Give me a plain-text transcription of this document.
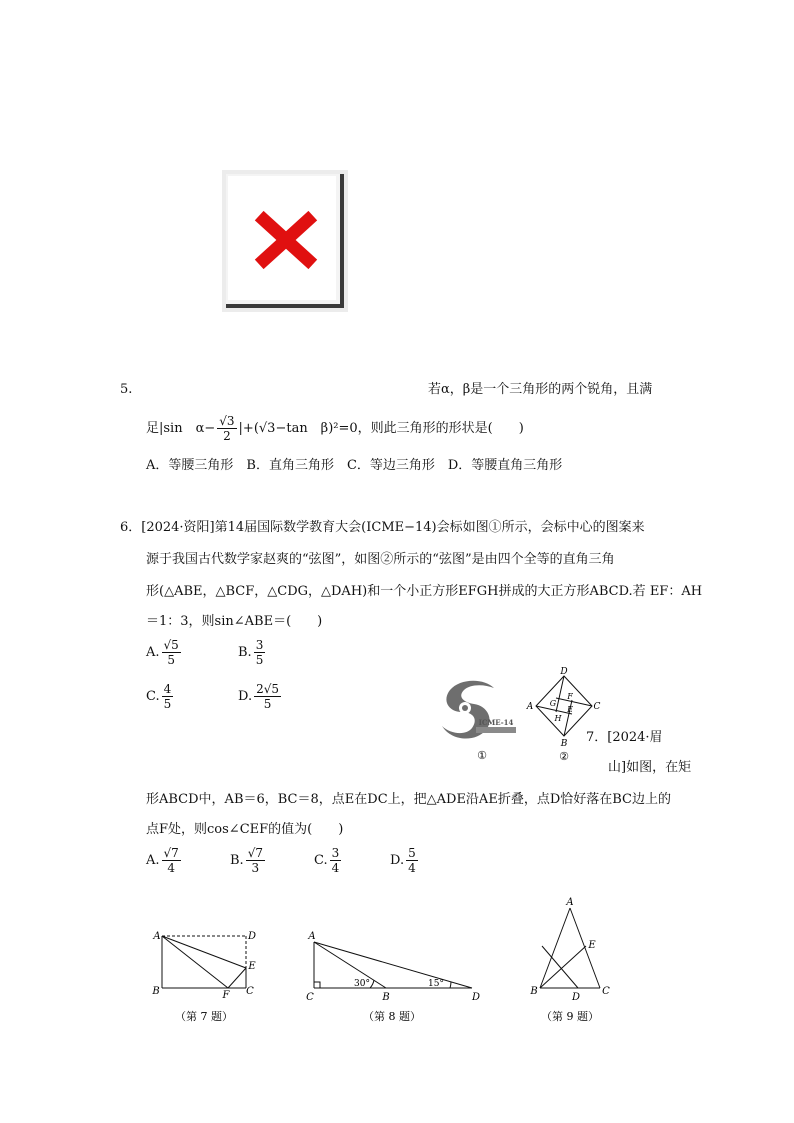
5.	若α，β是一个三角形的两个锐角，且满
足|sin　$\alpha- \frac{√3}{2} |+(√3-\tan$　β)²=0，则此三角形的形状是(　　)
A．等腰三角形　B．直角三角形　C．等边三角形　D．等腰直角三角形
6．[2024·资阳]第14届国际数学教育大会(ICME−14)会标如图①所示，会标中心的图案来
源于我国古代数学家赵爽的“弦图”，如图②所示的“弦图”是由四个全等的直角三角
形(△ABE，△BCF，△CDG，△DAH)和一个小正方形EFGH拼成的大正方形ABCD.若 EF：AH
＝1：3，则sin∠ABE＝(　　)
A. $\frac{√5}{5}$	B. $\frac{3}{5}$
C. $\frac{4}{5}$	D. $\frac{2√5}{5}$
ICME-14
①
D
A	C
B
G
F
H
E
②
7．[2024·眉
山]如图，在矩
形ABCD中，AB＝6，BC＝8，点E在DC上，把△ADE沿AE折叠，点D恰好落在BC边上的
点F处，则cos∠CEF的值为(　　)
A. $\frac{√7}{4}$	B. $\frac{√7}{3}$	C. $\frac{3}{4}$	D. $\frac{5}{4}$
A	D
E
B	F C
（第 7 题）
A
C	B	D
30°	15°
（第 8 题）
A
E
B
D
C
（第 9 题）
